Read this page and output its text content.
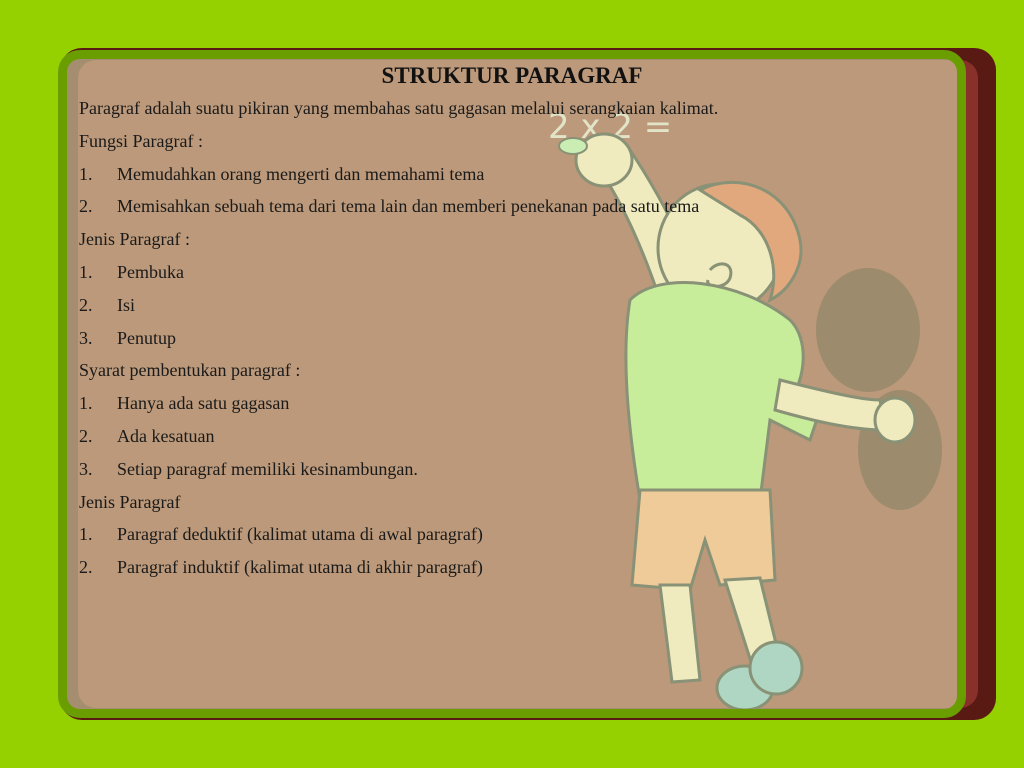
STRUKTUR PARAGRAF
Paragraf adalah suatu pikiran yang membahas satu gagasan melalui serangkaian kalimat.
Fungsi Paragraf :
1. Memudahkan orang mengerti dan memahami tema
2. Memisahkan sebuah tema dari tema lain dan memberi penekanan pada satu tema
Jenis Paragraf :
1. Pembuka
2. Isi
3. Penutup
Syarat pembentukan paragraf :
1. Hanya ada satu gagasan
2. Ada kesatuan
3. Setiap paragraf memiliki kesinambungan.
Jenis Paragraf
1. Paragraf deduktif (kalimat utama di awal paragraf)
2. Paragraf induktif (kalimat utama di akhir paragraf)
